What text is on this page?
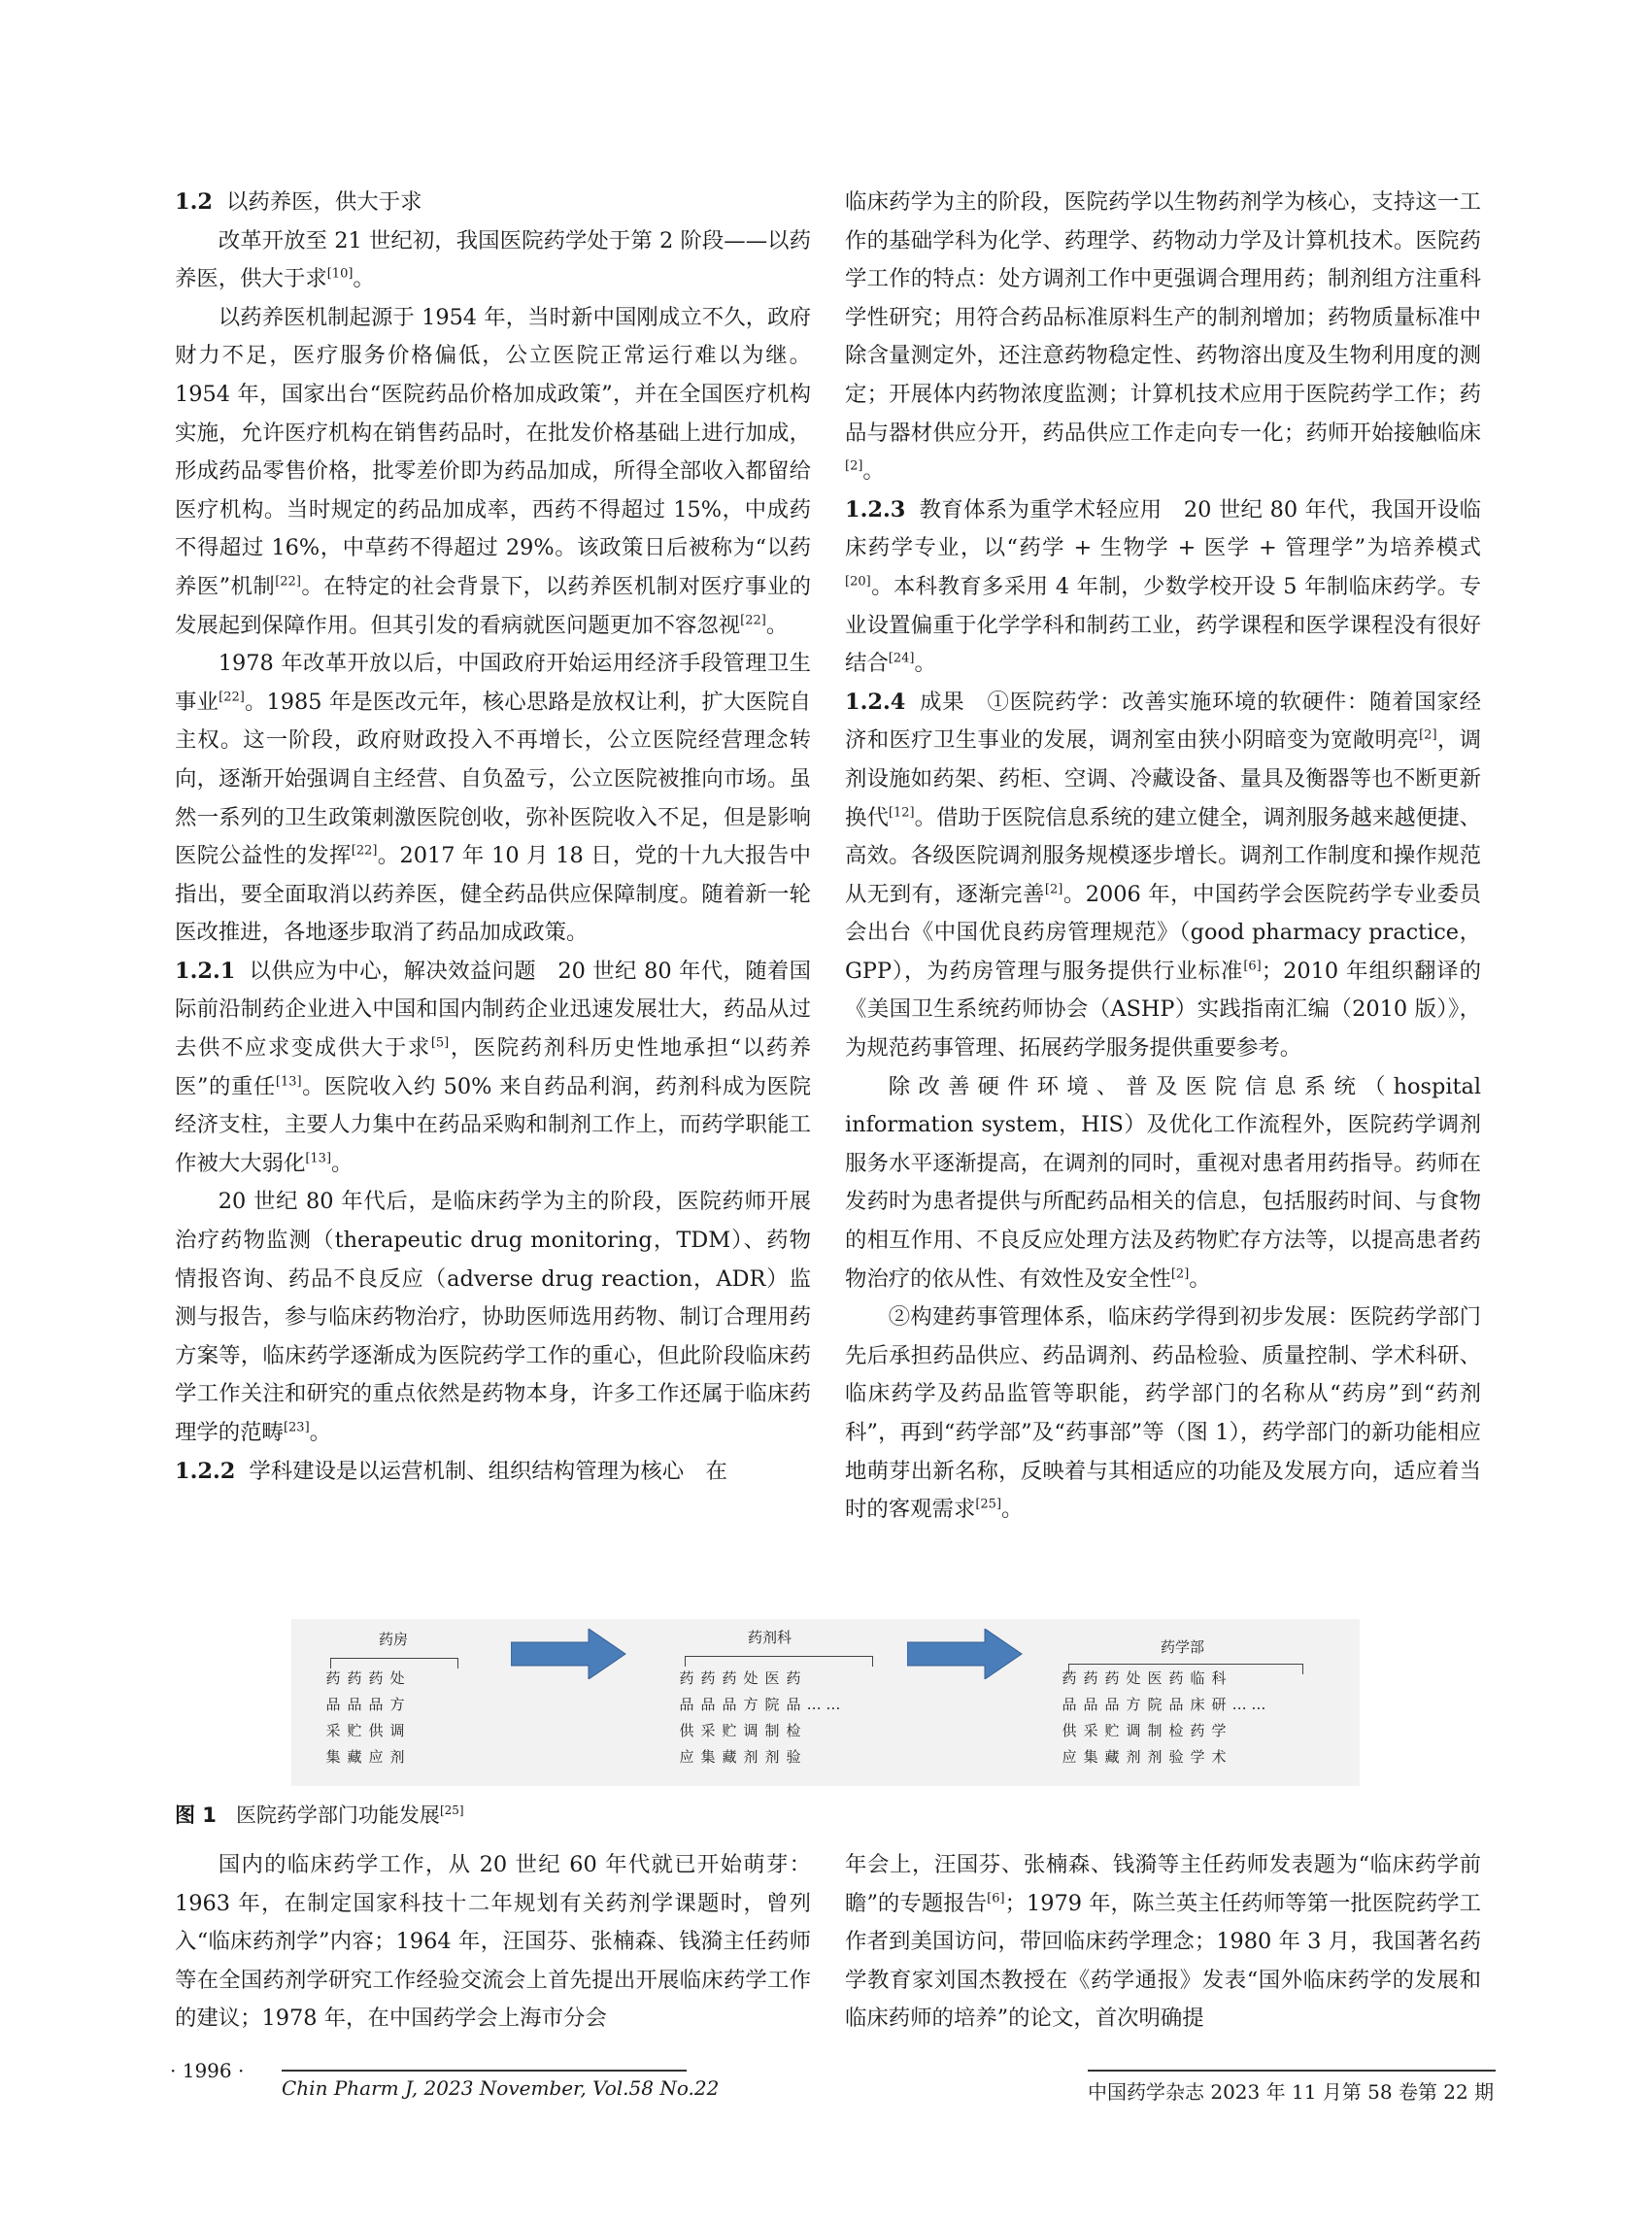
1.2 以药养医，供大于求

改革开放至 21 世纪初，我国医院药学处于第 2 阶段——以药养医，供大于求[10]。

以药养医机制起源于 1954 年，当时新中国刚成立不久，政府财力不足，医疗服务价格偏低，公立医院正常运行难以为继。1954 年，国家出台“医院药品价格加成政策”，并在全国医疗机构实施，允许医疗机构在销售药品时，在批发价格基础上进行加成，形成药品零售价格，批零差价即为药品加成，所得全部收入都留给医疗机构。当时规定的药品加成率，西药不得超过 15%，中成药不得超过 16%，中草药不得超过 29%。该政策日后被称为“以药养医”机制[22]。在特定的社会背景下，以药养医机制对医疗事业的发展起到保障作用。但其引发的看病就医问题更加不容忽视[22]。

1978 年改革开放以后，中国政府开始运用经济手段管理卫生事业[22]。1985 年是医改元年，核心思路是放权让利，扩大医院自主权。这一阶段，政府财政投入不再增长，公立医院经营理念转向，逐渐开始强调自主经营、自负盈亏，公立医院被推向市场。虽然一系列的卫生政策刺激医院创收，弥补医院收入不足，但是影响医院公益性的发挥[22]。2017 年 10 月 18 日，党的十九大报告中指出，要全面取消以药养医，健全药品供应保障制度。随着新一轮医改推进，各地逐步取消了药品加成政策。

1.2.1 以供应为中心，解决效益问题  20 世纪 80 年代，随着国际前沿制药企业进入中国和国内制药企业迅速发展壮大，药品从过去供不应求变成供大于求[5]，医院药剂科历史性地承担“以药养医”的重任[13]。医院收入约 50% 来自药品利润，药剂科成为医院经济支柱，主要人力集中在药品采购和制剂工作上，而药学职能工作被大大弱化[13]。

20 世纪 80 年代后，是临床药学为主的阶段，医院药师开展治疗药物监测（therapeutic drug monitoring，TDM）、药物情报咨询、药品不良反应（adverse drug reaction，ADR）监测与报告，参与临床药物治疗，协助医师选用药物、制订合理用药方案等，临床药学逐渐成为医院药学工作的重心，但此阶段临床药学工作关注和研究的重点依然是药物本身，许多工作还属于临床药理学的范畴[23]。

1.2.2 学科建设是以运营机制、组织结构管理为核心  在

临床药学为主的阶段，医院药学以生物药剂学为核心，支持这一工作的基础学科为化学、药理学、药物动力学及计算机技术。医院药学工作的特点：处方调剂工作中更强调合理用药；制剂组方注重科学性研究；用符合药品标准原料生产的制剂增加；药物质量标准中除含量测定外，还注意药物稳定性、药物溶出度及生物利用度的测定；开展体内药物浓度监测；计算机技术应用于医院药学工作；药品与器材供应分开，药品供应工作走向专一化；药师开始接触临床[2]。

1.2.3 教育体系为重学术轻应用  20 世纪 80 年代，我国开设临床药学专业，以“药学 + 生物学 + 医学 + 管理学”为培养模式[20]。本科教育多采用 4 年制，少数学校开设 5 年制临床药学。专业设置偏重于化学学科和制药工业，药学课程和医学课程没有很好结合[24]。

1.2.4 成果  ①医院药学：改善实施环境的软硬件：随着国家经济和医疗卫生事业的发展，调剂室由狭小阴暗变为宽敞明亮[2]，调剂设施如药架、药柜、空调、冷藏设备、量具及衡器等也不断更新换代[12]。借助于医院信息系统的建立健全，调剂服务越来越便捷、高效。各级医院调剂服务规模逐步增长。调剂工作制度和操作规范从无到有，逐渐完善[2]。2006 年，中国药学会医院药学专业委员会出台《中国优良药房管理规范》（good pharmacy practice，GPP），为药房管理与服务提供行业标准[6]；2010 年组织翻译的《美国卫生系统药师协会（ASHP）实践指南汇编（2010 版）》，为规范药事管理、拓展药学服务提供重要参考。

除改善硬件环境、普及医院信息系统（hospital information system，HIS）及优化工作流程外，医院药学调剂服务水平逐渐提高，在调剂的同时，重视对患者用药指导。药师在发药时为患者提供与所配药品相关的信息，包括服药时间、与食物的相互作用、不良反应处理方法及药物贮存方法等，以提高患者药物治疗的依从性、有效性及安全性[2]。

②构建药事管理体系，临床药学得到初步发展：医院药学部门先后承担药品供应、药品调剂、药品检验、质量控制、学术科研、临床药学及药品监管等职能，药学部门的名称从“药房”到“药剂科”，再到“药学部”及“药事部”等（图 1），药学部门的新功能相应地萌芽出新名称，反映着与其相适应的功能及发展方向，适应着当时的客观需求[25]。

药房
药 药 药 处
品 品 品 方
采 贮 供 调
集 藏 应 剂
药剂科
药 药 药 处 医 药
品 品 品 方 院 品 … …
供 采 贮 调 制 检
应 集 藏 剂 剂 验
药学部
药 药 药 处 医 药 临 科
品 品 品 方 院 品 床 研 … …
供 采 贮 调 制 检 药 学
应 集 藏 剂 剂 验 学 术
图 1 医院药学部门功能发展[25]

国内的临床药学工作，从 20 世纪 60 年代就已开始萌芽：1963 年，在制定国家科技十二年规划有关药剂学课题时，曾列入“临床药剂学”内容；1964 年，汪国芬、张楠森、钱漪主任药师等在全国药剂学研究工作经验交流会上首先提出开展临床药学工作的建议；1978 年，在中国药学会上海市分会

年会上，汪国芬、张楠森、钱漪等主任药师发表题为“临床药学前瞻”的专题报告[6]；1979 年，陈兰英主任药师等第一批医院药学工作者到美国访问，带回临床药学理念；1980 年 3 月，我国著名药学教育家刘国杰教授在《药学通报》发表“国外临床药学的发展和临床药师的培养”的论文，首次明确提

· 1996 ·
Chin Pharm J, 2023 November, Vol.58 No.22	中国药学杂志 2023 年 11 月第 58 卷第 22 期
